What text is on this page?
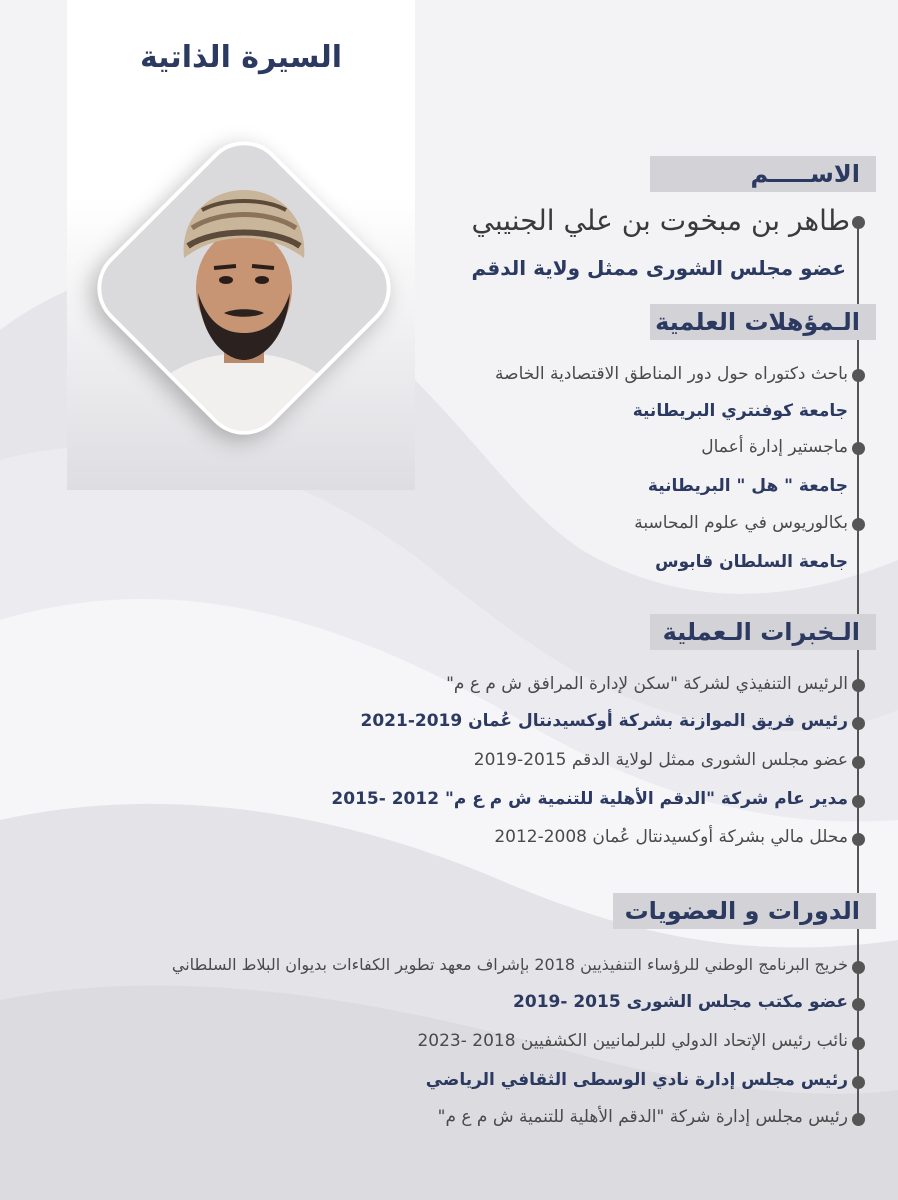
السيرة الذاتية
الاســـــم
طاهر بن مبخوت بن علي الجنيبي
عضو مجلس الشورى ممثل ولاية الدقم
الـمؤهلات العلمية
باحث دكتوراه حول دور المناطق الاقتصادية الخاصة
جامعة كوفنتري البريطانية
ماجستير إدارة أعمال
جامعة " هل " البريطانية
بكالوريوس في علوم المحاسبة
جامعة السلطان قابوس
الـخبرات الـعملية
الرئيس التنفيذي لشركة "سكن لإدارة المرافق ش م ع م"
رئيس فريق الموازنة بشركة أوكسيدنتال عُمان 2019-2021
عضو مجلس الشورى ممثل لولاية الدقم 2015-2019
مدير عام شركة "الدقم الأهلية للتنمية ش م ع م" 2012 -2015
محلل مالي بشركة أوكسيدنتال عُمان 2008-2012
الدورات و العضويات
خريج البرنامج الوطني للرؤساء التنفيذيين 2018 بإشراف معهد تطوير الكفاءات بديوان البلاط السلطاني
عضو مكتب مجلس الشورى 2015 -2019
نائب رئيس الإتحاد الدولي للبرلمانيين الكشفيين 2018 -2023
رئيس مجلس إدارة نادي الوسطى الثقافي الرياضي
رئيس مجلس إدارة شركة "الدقم الأهلية للتنمية ش م ع م"
